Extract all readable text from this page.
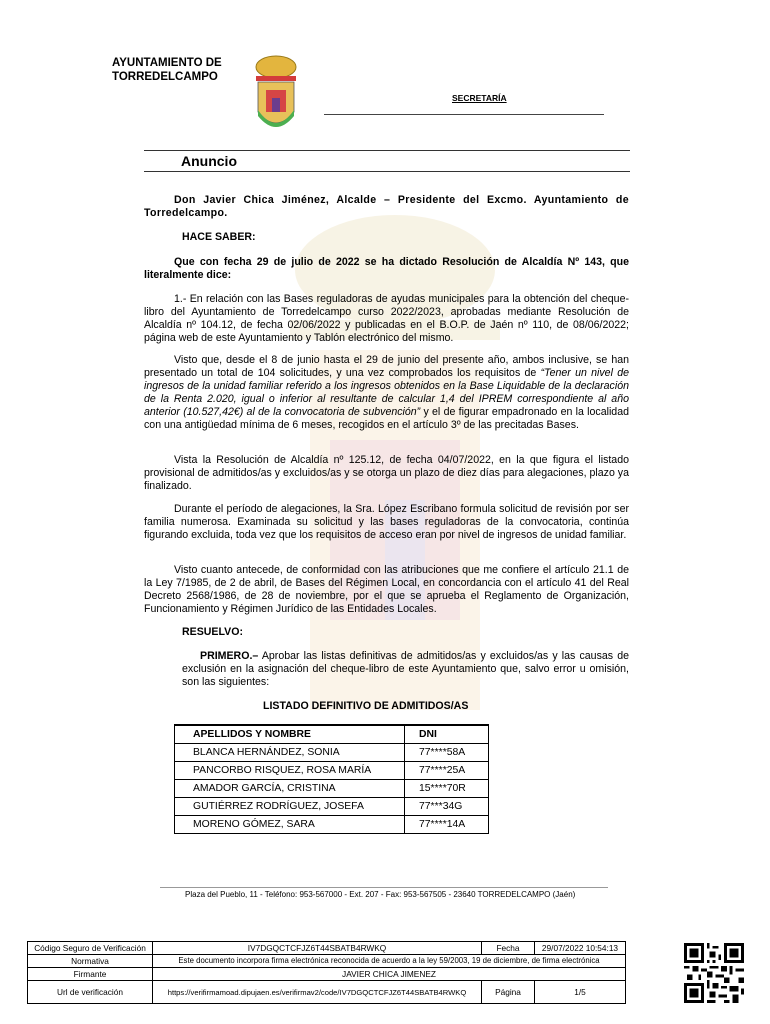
AYUNTAMIENTO DE
TORREDELCAMPO
SECRETARÍA
Anuncio
Don Javier Chica Jiménez, Alcalde – Presidente del Excmo. Ayuntamiento de Torredelcampo.
HACE SABER:
Que con fecha 29 de julio de 2022 se ha dictado Resolución de Alcaldía Nº 143, que literalmente dice:
1.- En relación con las Bases reguladoras de ayudas municipales para la obtención del cheque-libro del Ayuntamiento de Torredelcampo curso 2022/2023, aprobadas mediante Resolución de Alcaldía nº 104.12, de fecha 02/06/2022 y publicadas en el B.O.P. de Jaén nº 110, de 08/06/2022; página web de este Ayuntamiento y Tablón electrónico del mismo.
Visto que, desde el 8 de junio hasta el 29 de junio del presente año, ambos inclusive, se han presentado un total de 104 solicitudes, y una vez comprobados los requisitos de “Tener un nivel de ingresos de la unidad familiar referido a los ingresos obtenidos en la Base Liquidable de la declaración de la Renta 2.020, igual o inferior al resultante de calcular 1,4 del IPREM correspondiente al año anterior (10.527,42€) al de la convocatoria de subvención” y el de figurar empadronado en la localidad con una antigüedad mínima de 6 meses, recogidos en el artículo 3º de las precitadas Bases.
Vista la Resolución de Alcaldía nº 125.12, de fecha 04/07/2022, en la que figura el listado provisional de admitidos/as y excluidos/as y se otorga un plazo de diez días para alegaciones, plazo ya finalizado.
Durante el período de alegaciones, la Sra. López Escribano formula solicitud de revisión por ser familia numerosa. Examinada su solicitud y las bases reguladoras de la convocatoria, continúa figurando excluida, toda vez que los requisitos de acceso eran por nivel de ingresos de unidad familiar.
Visto cuanto antecede, de conformidad con las atribuciones que me confiere el artículo 21.1 de la Ley 7/1985, de 2 de abril, de Bases del Régimen Local, en concordancia con el artículo 41 del Real Decreto 2568/1986, de 28 de noviembre, por el que se aprueba el Reglamento de Organización, Funcionamiento y Régimen Jurídico de las Entidades Locales.
RESUELVO:
PRIMERO.– Aprobar las listas definitivas de admitidos/as y excluidos/as y las causas de exclusión en la asignación del cheque-libro de este Ayuntamiento que, salvo error u omisión, son las siguientes:
LISTADO DEFINITIVO DE ADMITIDOS/AS
APELLIDOS Y NOMBRE	DNI
BLANCA HERNÁNDEZ, SONIA	77****58A
PANCORBO RISQUEZ, ROSA MARÍA	77****25A
AMADOR GARCÍA, CRISTINA	15****70R
GUTIÉRREZ RODRÍGUEZ, JOSEFA	77***34G
MORENO GÓMEZ, SARA	77****14A
Plaza del Pueblo, 11 - Teléfono: 953-567000 - Ext. 207 - Fax: 953-567505 - 23640 TORREDELCAMPO (Jaén)
Código Seguro de Verificación	IV7DGQCTCFJZ6T44SBATB4RWKQ	Fecha	29/07/2022 10:54:13
Normativa	Este documento incorpora firma electrónica reconocida de acuerdo a la ley 59/2003, 19 de diciembre, de firma electrónica		
Firmante	JAVIER CHICA JIMENEZ		
Url de verificación	https://verifirmamoad.dipujaen.es/verifirmav2/code/IV7DGQCTCFJZ6T44SBATB4RWKQ	Página	1/5
